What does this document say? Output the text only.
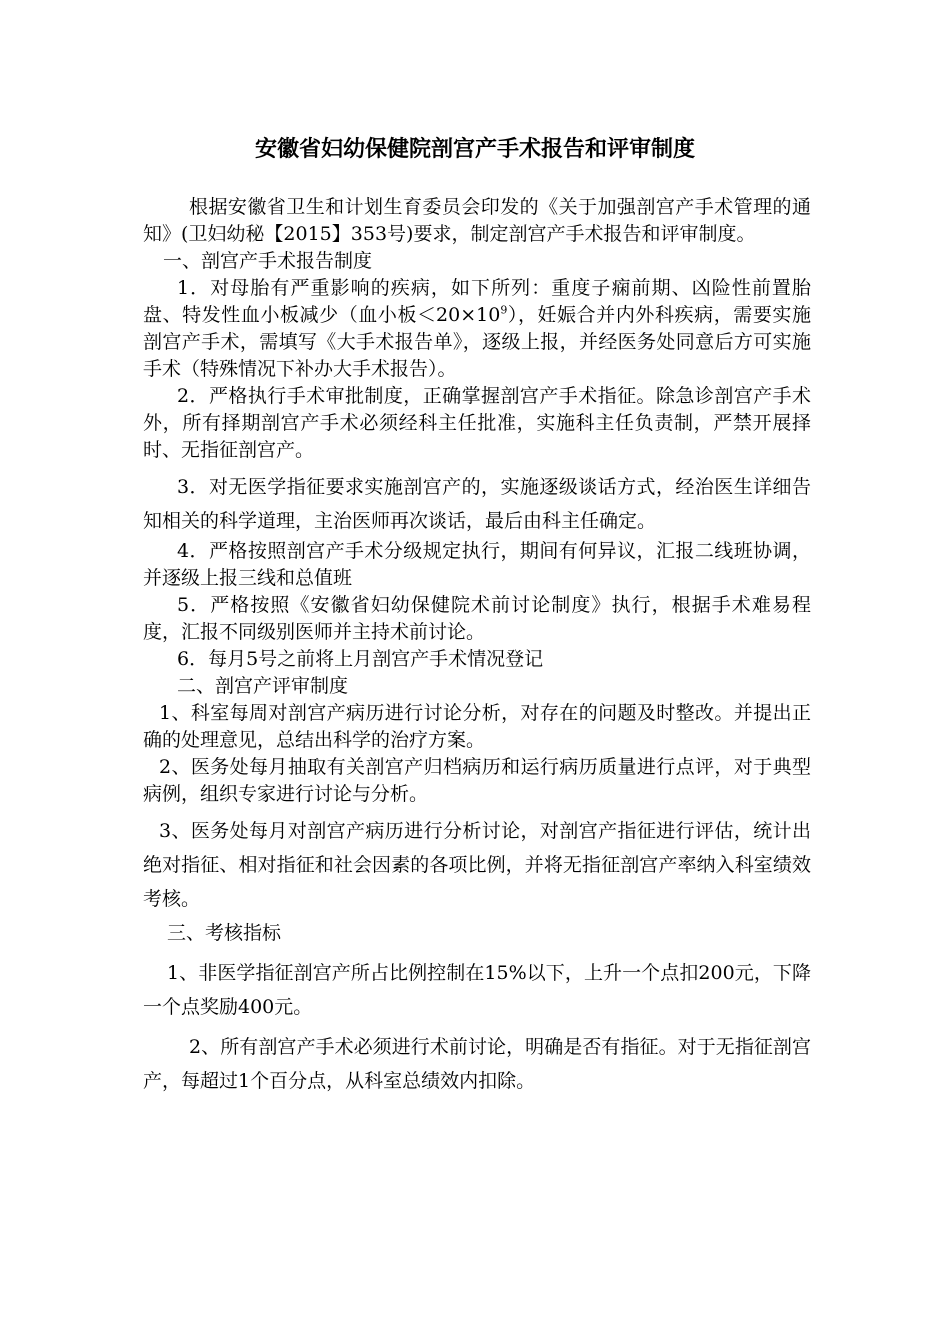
安徽省妇幼保健院剖宫产手术报告和评审制度

根据安徽省卫生和计划生育委员会印发的《关于加强剖宫产手术管理的通知》(卫妇幼秘【2015】353号)要求，制定剖宫产手术报告和评审制度。

一、剖宫产手术报告制度

1．对母胎有严重影响的疾病，如下所列：重度子痫前期、凶险性前置胎盘、特发性血小板减少（血小板$<20\times 10^9$），妊娠合并内外科疾病，需要实施剖宫产手术，需填写《大手术报告单》，逐级上报，并经医务处同意后方可实施手术（特殊情况下补办大手术报告）。

2．严格执行手术审批制度，正确掌握剖宫产手术指征。除急诊剖宫产手术外，所有择期剖宫产手术必须经科主任批准，实施科主任负责制，严禁开展择时、无指征剖宫产。

3．对无医学指征要求实施剖宫产的，实施逐级谈话方式，经治医生详细告知相关的科学道理，主治医师再次谈话，最后由科主任确定。

4．严格按照剖宫产手术分级规定执行，期间有何异议，汇报二线班协调，并逐级上报三线和总值班

5．严格按照《安徽省妇幼保健院术前讨论制度》执行，根据手术难易程度，汇报不同级别医师并主持术前讨论。

6．每月5号之前将上月剖宫产手术情况登记

二、剖宫产评审制度

1、科室每周对剖宫产病历进行讨论分析，对存在的问题及时整改。并提出正确的处理意见，总结出科学的治疗方案。

2、医务处每月抽取有关剖宫产归档病历和运行病历质量进行点评，对于典型病例，组织专家进行讨论与分析。

3、医务处每月对剖宫产病历进行分析讨论，对剖宫产指征进行评估，统计出绝对指征、相对指征和社会因素的各项比例，并将无指征剖宫产率纳入科室绩效考核。

三、考核指标

1、非医学指征剖宫产所占比例控制在15%以下，上升一个点扣200元，下降一个点奖励400元。

2、所有剖宫产手术必须进行术前讨论，明确是否有指征。对于无指征剖宫产，每超过1个百分点，从科室总绩效内扣除。
